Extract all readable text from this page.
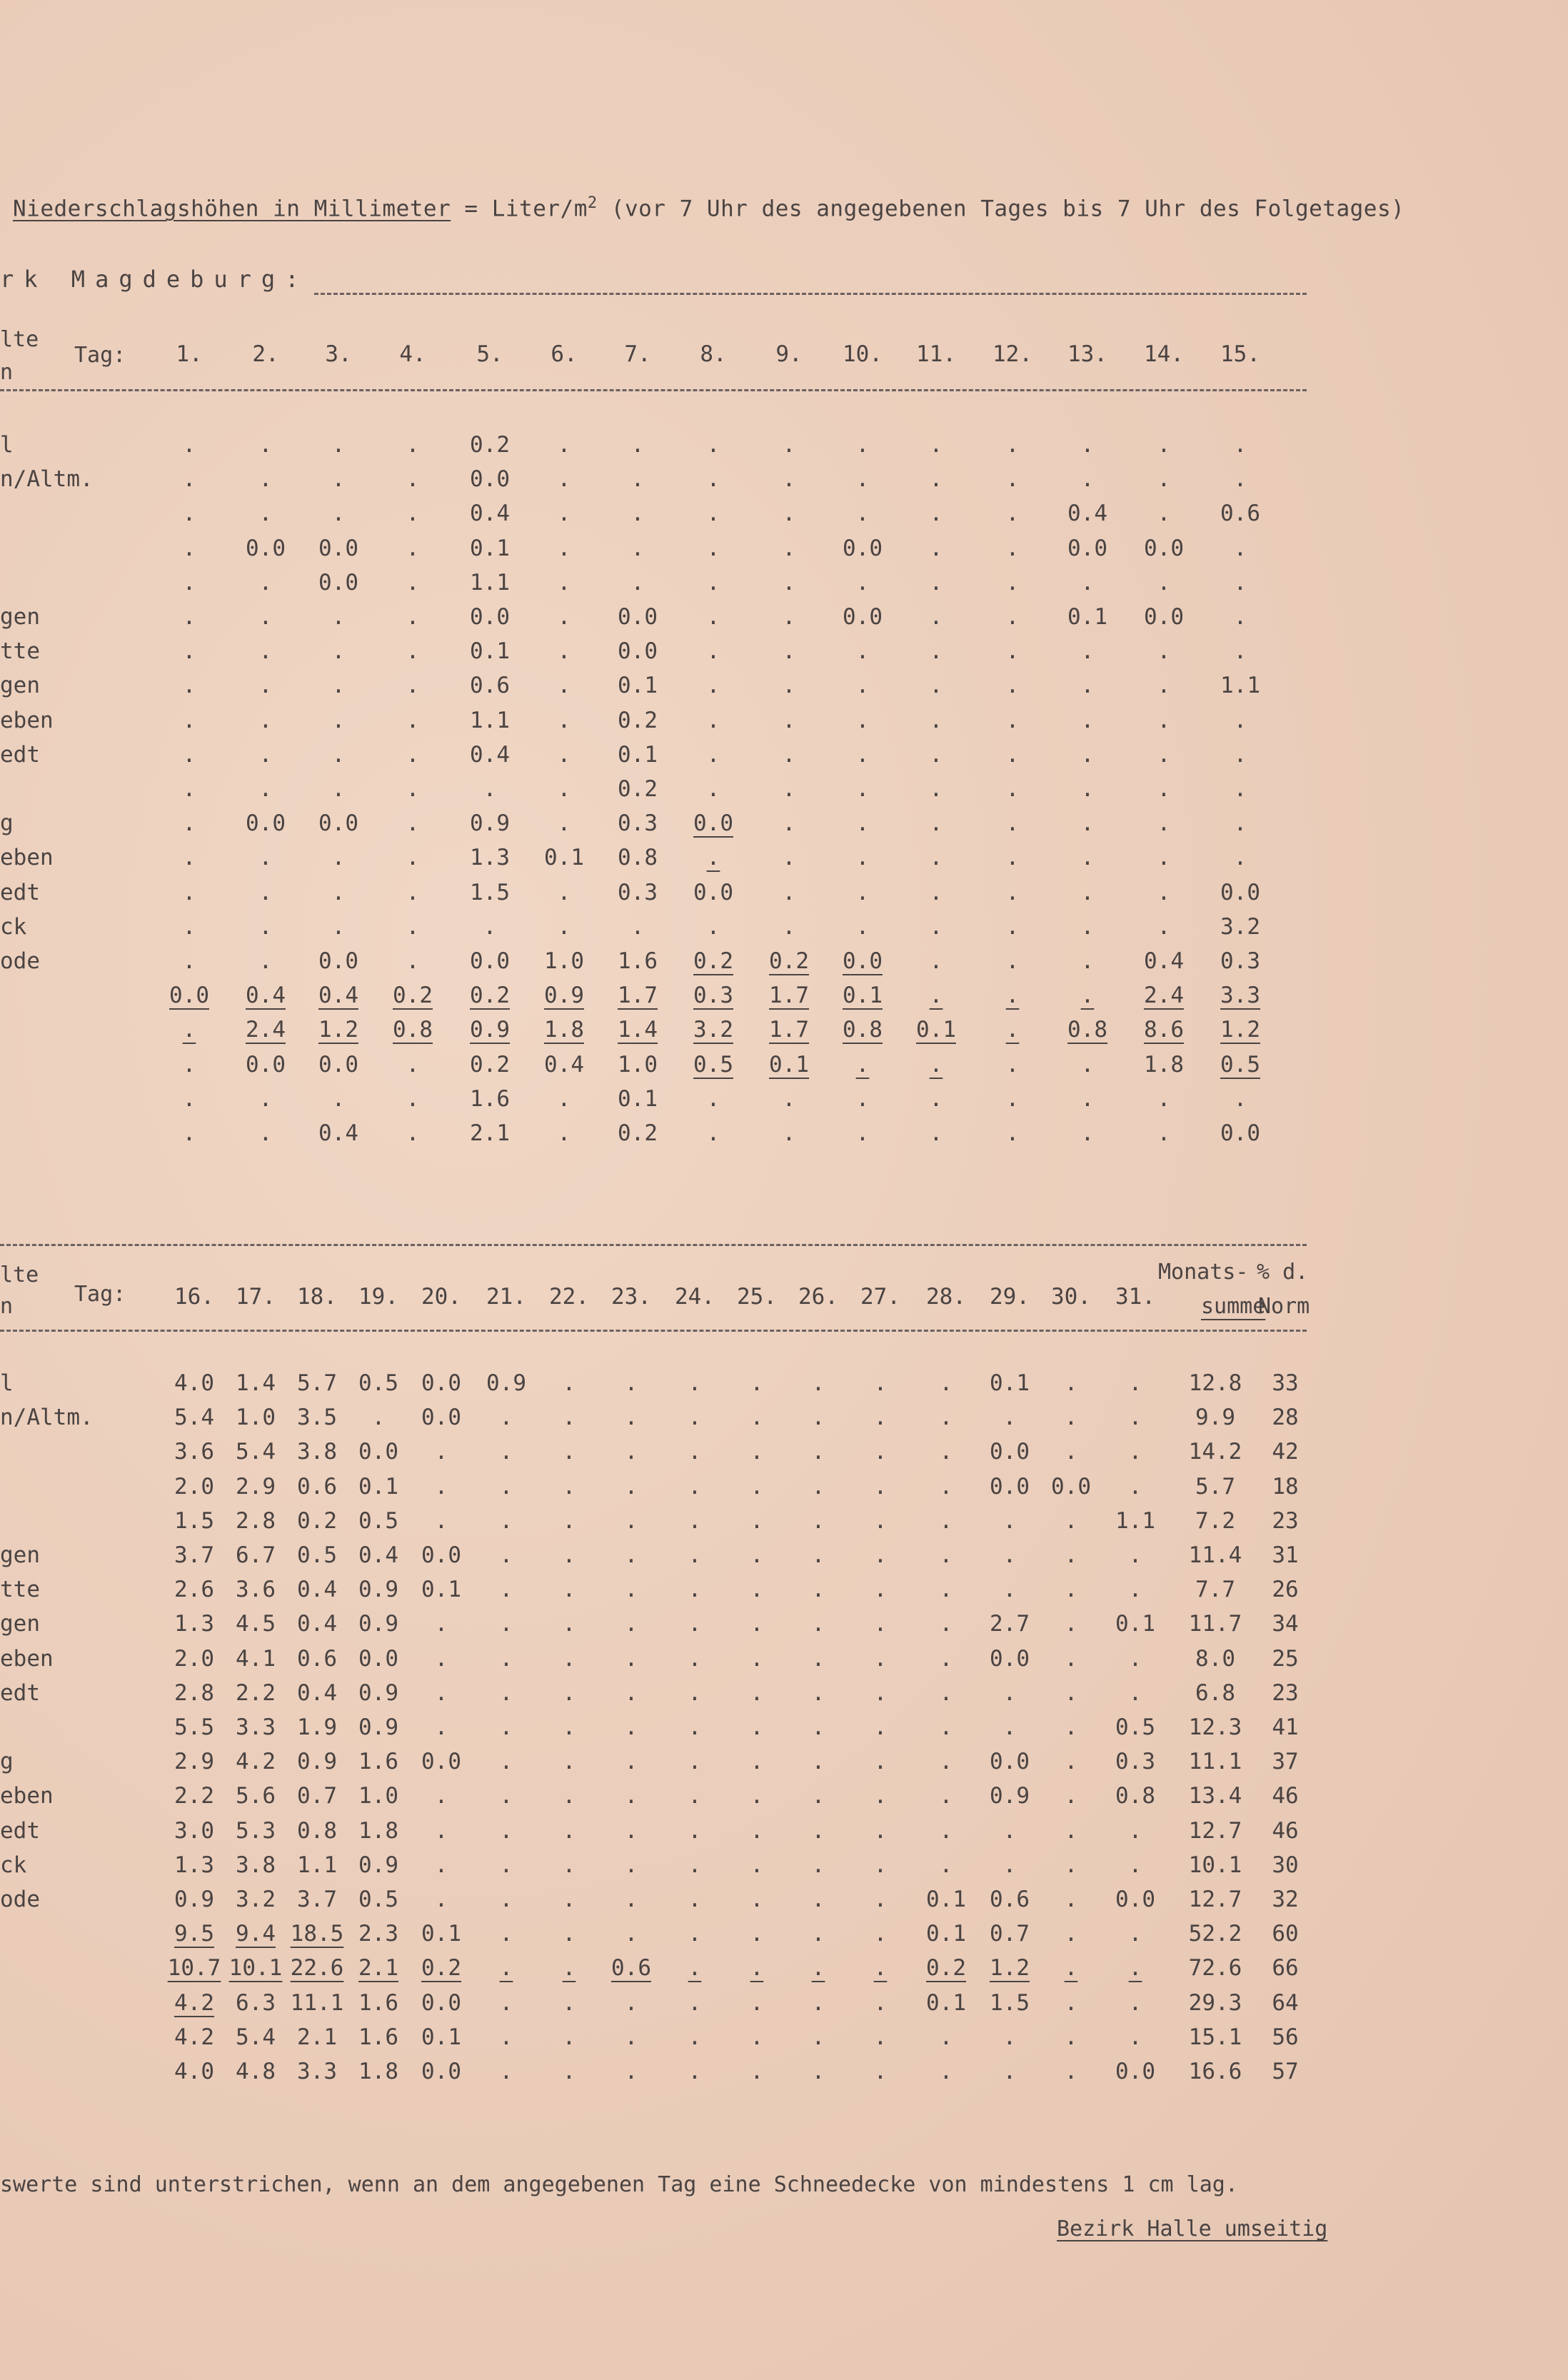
Niederschlagshöhen in Millimeter = Liter/$m^2$ (vor 7 Uhr des angegebenen Tages bis 7 Uhr des Folgetages)
rk Magdeburg:
lte
n
Tag:	1.	2.	3.	4.	5.	6.	7.	8.	9.	10.	11.	12.	13.	14.	15.
l	.	.	.	.	0.2	.	.	.	.	.	.	.	.	.	.
n/Altm.	.	.	.	.	0.0	.	.	.	.	.	.	.	.	.	.
.	.	.	.	0.4	.	.	.	.	.	.	.	0.4	.	0.6
.	0.0	0.0	.	0.1	.	.	.	.	0.0	.	.	0.0	0.0	.
.	.	0.0	.	1.1	.	.	.	.	.	.	.	.	.	.
gen	.	.	.	.	0.0	.	0.0	.	.	0.0	.	.	0.1	0.0	.
tte	.	.	.	.	0.1	.	0.0	.	.	.	.	.	.	.	.
gen	.	.	.	.	0.6	.	0.1	.	.	.	.	.	.	.	1.1
eben	.	.	.	.	1.1	.	0.2	.	.	.	.	.	.	.	.
edt	.	.	.	.	0.4	.	0.1	.	.	.	.	.	.	.	.
.	.	.	.	.	.	0.2	.	.	.	.	.	.	.	.
g	.	0.0	0.0	.	0.9	.	0.3	0.0	.	.	.	.	.	.	.
eben	.	.	.	.	1.3	0.1	0.8	.	.	.	.	.	.	.	.
edt	.	.	.	.	1.5	.	0.3	0.0	.	.	.	.	.	.	0.0
ck	.	.	.	.	.	.	.	.	.	.	.	.	.	.	3.2
ode	.	.	0.0	.	0.0	1.0	1.6	0.2	0.2	0.0	.	.	.	0.4	0.3
0.0	0.4	0.4	0.2	0.2	0.9	1.7	0.3	1.7	0.1	.	.	.	2.4	3.3
.	2.4	1.2	0.8	0.9	1.8	1.4	3.2	1.7	0.8	0.1	.	0.8	8.6	1.2
.	0.0	0.0	.	0.2	0.4	1.0	0.5	0.1	.	.	.	.	1.8	0.5
.	.	.	.	1.6	.	0.1	.	.	.	.	.	.	.	.
.	.	0.4	.	2.1	.	0.2	.	.	.	.	.	.	.	0.0
lte
n	Tag:	16. 17. 18. 19.	20.	21.	22.	23.	24.	25. 26.	27.	28.	29. 30.	31.
Monats-
summe
% d.
Norm
l	4.0 1.4 5.7 0.5	0.0	0.9	.	.	.	.	.	.	.	0.1	.	.	12.8	33
n/Altm.	5.4 1.0 3.5	.	0.0	.	.	.	.	.	.	.	.	.	.	.	9.9	28
3.6 5.4 3.8 0.0	.	.	.	.	.	.	.	.	.	0.0	.	.	14.2	42
2.0 2.9 0.6 0.1	.	.	.	.	.	.	.	.	.	0.0 0.0	.	5.7	18
1.5 2.8 0.2 0.5	.	.	.	.	.	.	.	.	.	.	.	1.1	7.2	23
gen	3.7 6.7 0.5 0.4	0.0	.	.	.	.	.	.	.	.	.	.	.	11.4	31
tte	2.6 3.6 0.4 0.9	0.1	.	.	.	.	.	.	.	.	.	.	.	7.7	26
gen	1.3 4.5 0.4 0.9	.	.	.	.	.	.	.	.	.	2.7	.	0.1	11.7	34
eben	2.0 4.1 0.6 0.0	.	.	.	.	.	.	.	.	.	0.0	.	.	8.0	25
edt	2.8 2.2 0.4 0.9	.	.	.	.	.	.	.	.	.	.	.	.	6.8	23
5.5 3.3 1.9 0.9	.	.	.	.	.	.	.	.	.	.	.	0.5	12.3	41
g	2.9 4.2 0.9 1.6	0.0	.	.	.	.	.	.	.	.	0.0	.	0.3	11.1	37
eben	2.2 5.6 0.7 1.0	.	.	.	.	.	.	.	.	.	0.9	.	0.8	13.4	46
edt	3.0 5.3 0.8 1.8	.	.	.	.	.	.	.	.	.	.	.	.	12.7	46
ck	1.3 3.8 1.1 0.9	.	.	.	.	.	.	.	.	.	.	.	.	10.1	30
ode	0.9 3.2 3.7 0.5	.	.	.	.	.	.	.	.	0.1	0.6	.	0.0	12.7	32
9.5 9.4 18.5 2.3	0.1	.	.	.	.	.	.	.	0.1	0.7	.	.	52.2	60
10.7 10.1 22.6 2.1	0.2	.	.	0.6	.	.	.	.	0.2	1.2	.	.	72.6	66
4.2 6.3 11.1 1.6	0.0	.	.	.	.	.	.	.	0.1	1.5	.	.	29.3	64
4.2 5.4 2.1 1.6	0.1	.	.	.	.	.	.	.	.	.	.	.	15.1	56
4.0 4.8 3.3 1.8	0.0	.	.	.	.	.	.	.	.	.	.	0.0	16.6	57
swerte sind unterstrichen, wenn an dem angegebenen Tag eine Schneedecke von mindestens 1 cm lag.
Bezirk Halle umseitig
